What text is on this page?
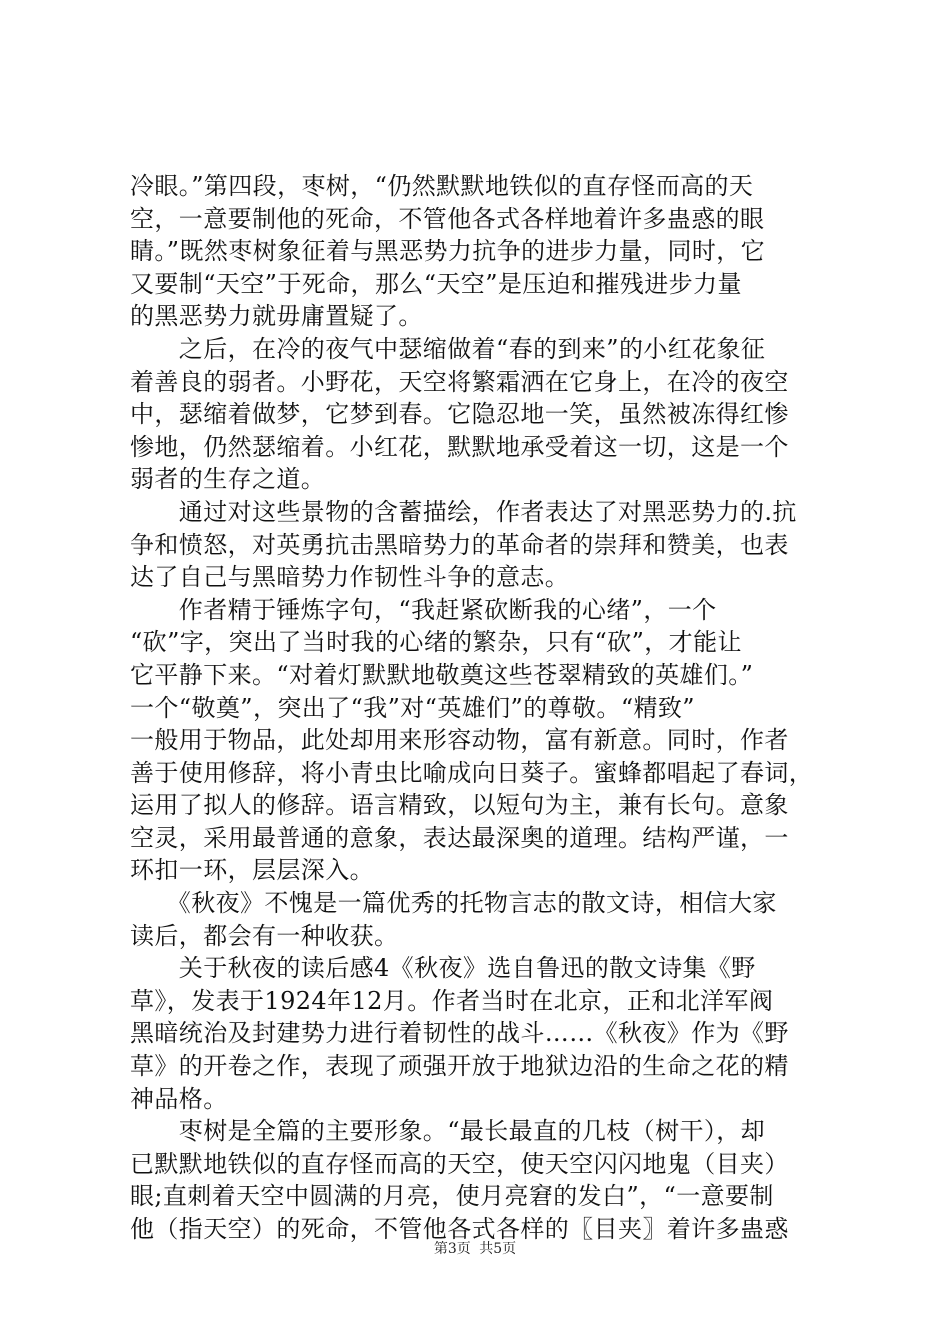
冷眼。”第四段，枣树，“仍然默默地铁似的直存怪而高的天
空，一意要制他的死命，不管他各式各样地着许多蛊惑的眼
睛。”既然枣树象征着与黑恶势力抗争的进步力量，同时，它
又要制“天空”于死命，那么“天空”是压迫和摧残进步力量
的黑恶势力就毋庸置疑了。
　　之后，在冷的夜气中瑟缩做着“春的到来”的小红花象征
着善良的弱者。小野花，天空将繁霜洒在它身上，在冷的夜空
中，瑟缩着做梦，它梦到春。它隐忍地一笑，虽然被冻得红惨
惨地，仍然瑟缩着。小红花，默默地承受着这一切，这是一个
弱者的生存之道。
　　通过对这些景物的含蓄描绘，作者表达了对黑恶势力的.抗
争和愤怒，对英勇抗击黑暗势力的革命者的崇拜和赞美，也表
达了自己与黑暗势力作韧性斗争的意志。
　　作者精于锤炼字句，“我赶紧砍断我的心绪”，一个
“砍”字，突出了当时我的心绪的繁杂，只有“砍”，才能让
它平静下来。“对着灯默默地敬奠这些苍翠精致的英雄们。”
一个“敬奠”，突出了“我”对“英雄们”的尊敬。“精致”
一般用于物品，此处却用来形容动物，富有新意。同时，作者
善于使用修辞，将小青虫比喻成向日葵子。蜜蜂都唱起了春词，
运用了拟人的修辞。语言精致，以短句为主，兼有长句。意象
空灵，采用最普通的意象，表达最深奥的道理。结构严谨，一
环扣一环，层层深入。
　　《秋夜》不愧是一篇优秀的托物言志的散文诗，相信大家
读后，都会有一种收获。
　　关于秋夜的读后感4《秋夜》选自鲁迅的散文诗集《野
草》，发表于1924年12月。作者当时在北京，正和北洋军阀
黑暗统治及封建势力进行着韧性的战斗……《秋夜》作为《野
草》的开卷之作，表现了顽强开放于地狱边沿的生命之花的精
神品格。
　　枣树是全篇的主要形象。“最长最直的几枝（树干），却
已默默地铁似的直存怪而高的天空，使天空闪闪地鬼（目夹）
眼;直刺着天空中圆满的月亮，使月亮窘的发白”，“一意要制
他（指天空）的死命，不管他各式各样的〖目夹〗着许多蛊惑
第3页 共5页
